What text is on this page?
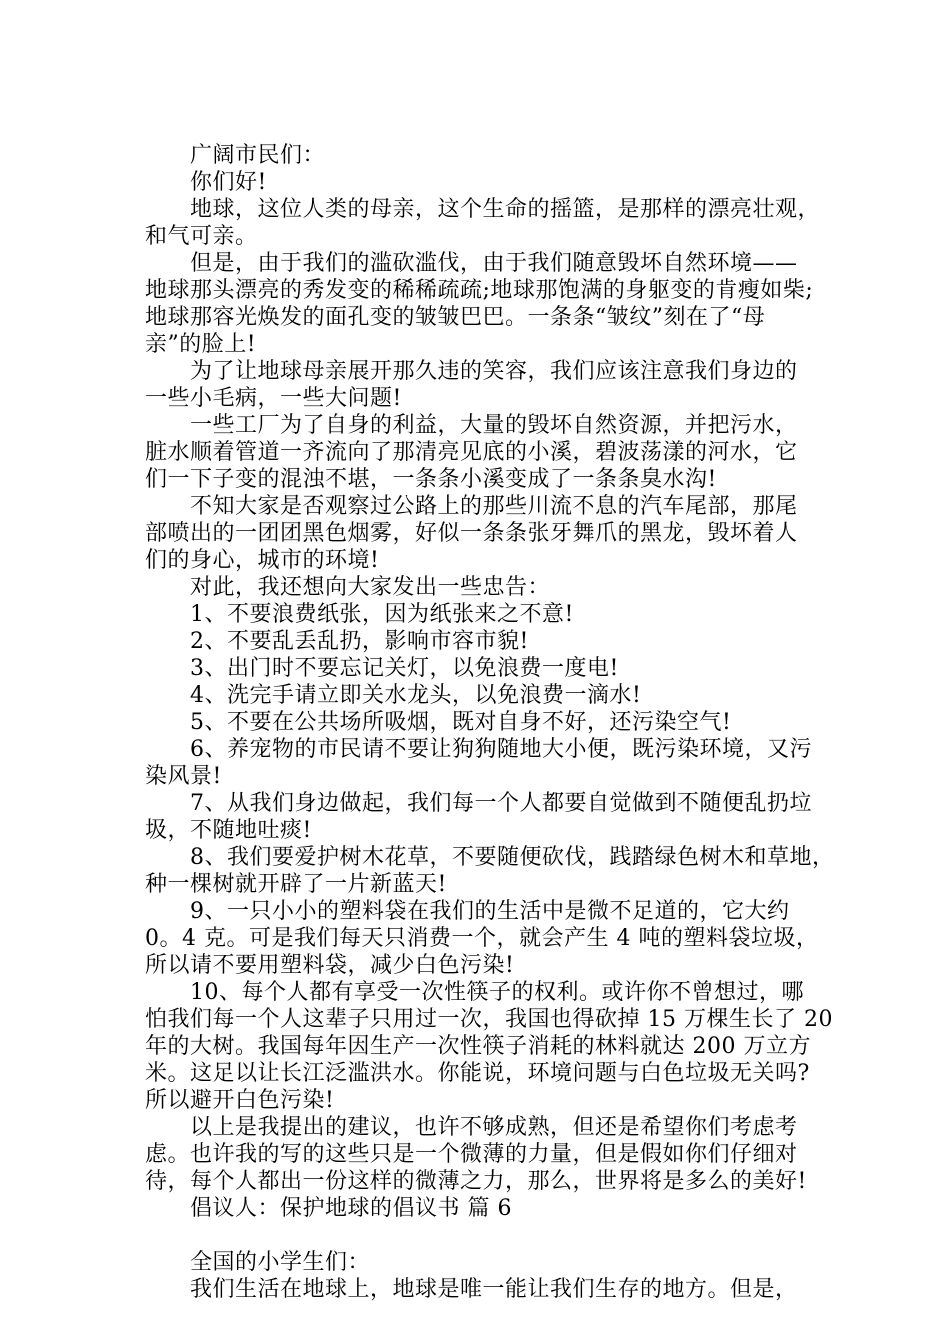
广阔市民们：
你们好!
地球，这位人类的母亲，这个生命的摇篮，是那样的漂亮壮观，
和气可亲。
但是，由于我们的滥砍滥伐，由于我们随意毁坏自然环境——
地球那头漂亮的秀发变的稀稀疏疏;地球那饱满的身躯变的肯瘦如柴;
地球那容光焕发的面孔变的皱皱巴巴。一条条“皱纹”刻在了“母
亲”的脸上!
为了让地球母亲展开那久违的笑容，我们应该注意我们身边的
一些小毛病，一些大问题!
一些工厂为了自身的利益，大量的毁坏自然资源，并把污水，
脏水顺着管道一齐流向了那清亮见底的小溪，碧波荡漾的河水，它
们一下子变的混浊不堪，一条条小溪变成了一条条臭水沟!
不知大家是否观察过公路上的那些川流不息的汽车尾部，那尾
部喷出的一团团黑色烟雾，好似一条条张牙舞爪的黑龙，毁坏着人
们的身心，城市的环境!
对此，我还想向大家发出一些忠告：
1、不要浪费纸张，因为纸张来之不意!
2、不要乱丢乱扔，影响市容市貌!
3、出门时不要忘记关灯，以免浪费一度电!
4、洗完手请立即关水龙头，以免浪费一滴水!
5、不要在公共场所吸烟，既对自身不好，还污染空气!
6、养宠物的市民请不要让狗狗随地大小便，既污染环境，又污
染风景!
7、从我们身边做起，我们每一个人都要自觉做到不随便乱扔垃
圾，不随地吐痰!
8、我们要爱护树木花草，不要随便砍伐，践踏绿色树木和草地，
种一棵树就开辟了一片新蓝天!
9、一只小小的塑料袋在我们的生活中是微不足道的，它大约
0。4 克。可是我们每天只消费一个，就会产生 4 吨的塑料袋垃圾，
所以请不要用塑料袋，减少白色污染!
10、每个人都有享受一次性筷子的权利。或许你不曾想过，哪
怕我们每一个人这辈子只用过一次，我国也得砍掉 15 万棵生长了 20
年的大树。我国每年因生产一次性筷子消耗的林料就达 200 万立方
米。这足以让长江泛滥洪水。你能说，环境问题与白色垃圾无关吗?
所以避开白色污染!
以上是我提出的建议，也许不够成熟，但还是希望你们考虑考
虑。也许我的写的这些只是一个微薄的力量，但是假如你们仔细对
待，每个人都出一份这样的微薄之力，那么，世界将是多么的美好!
倡议人：保护地球的倡议书 篇 6
全国的小学生们：
我们生活在地球上，地球是唯一能让我们生存的地方。但是，
